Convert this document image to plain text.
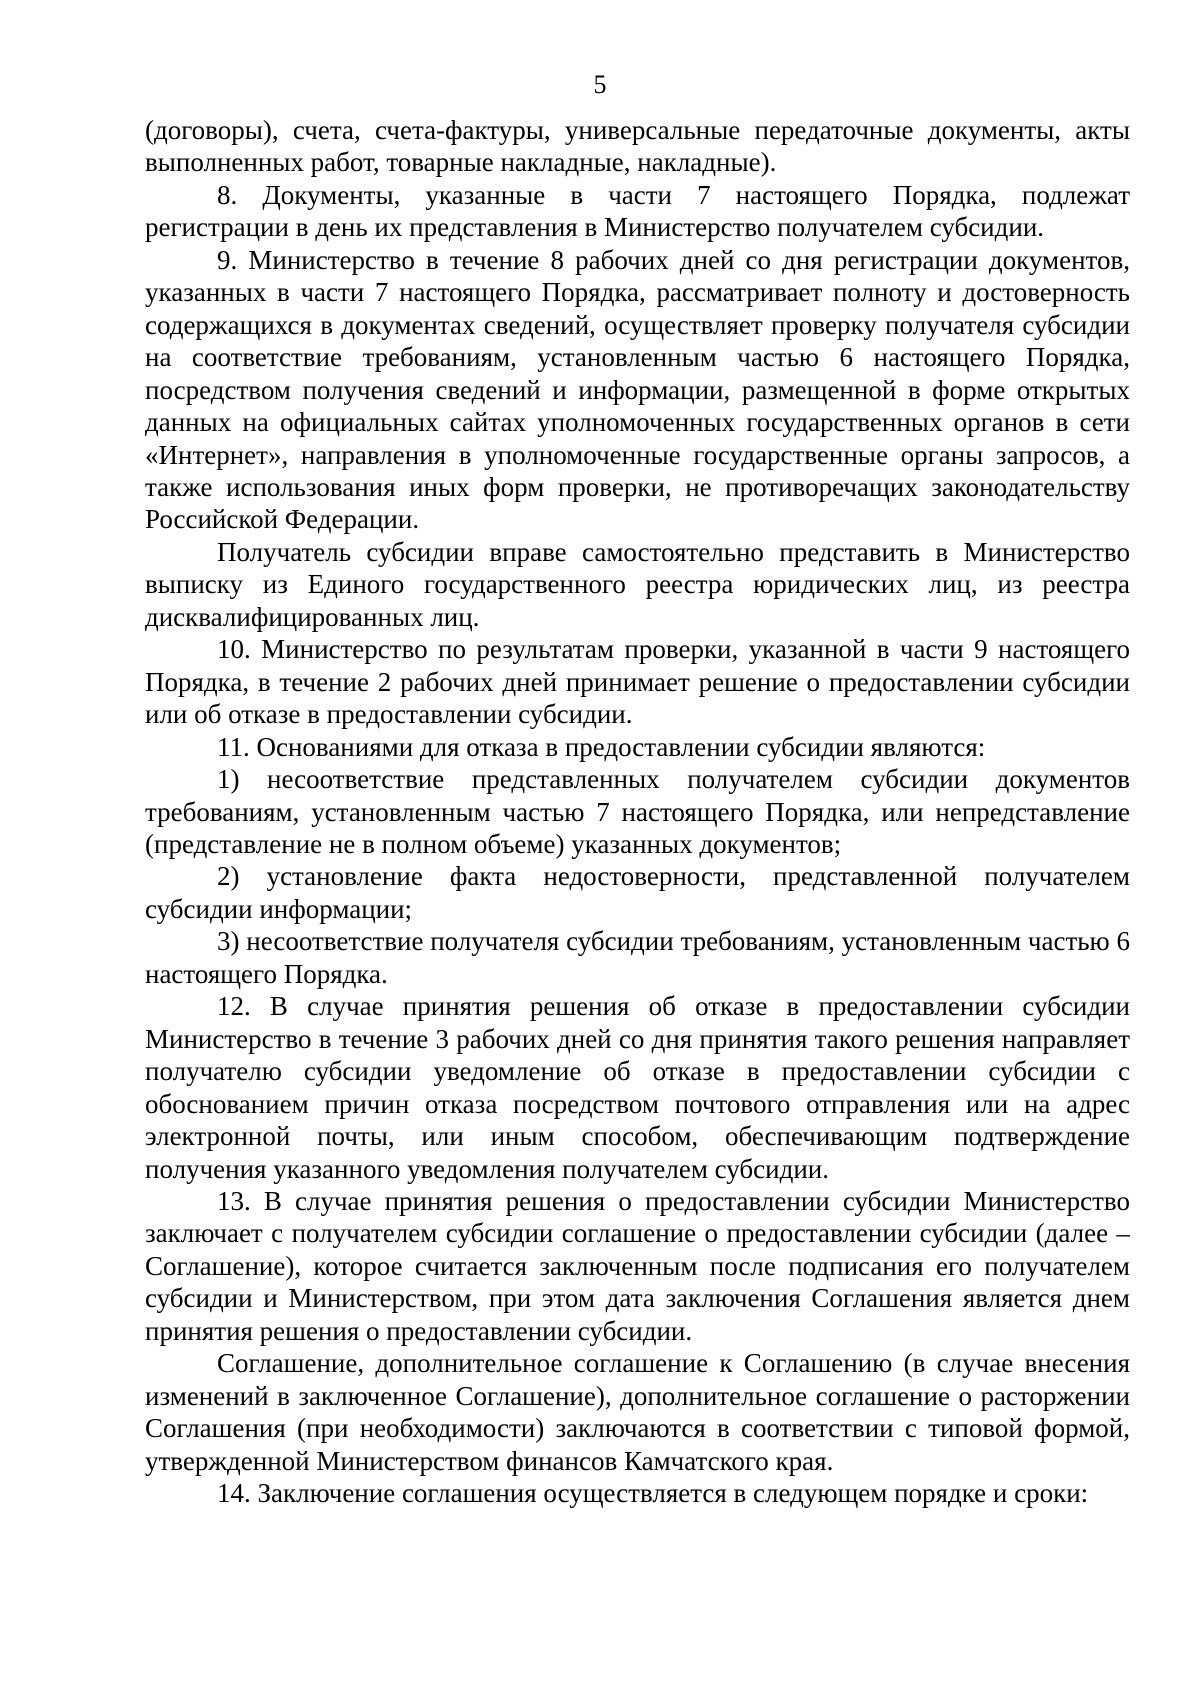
5

(договоры), счета, счета-фактуры, универсальные передаточные документы, акты выполненных работ, товарные накладные, накладные).

8. Документы, указанные в части 7 настоящего Порядка, подлежат регистрации в день их представления в Министерство получателем субсидии.

9. Министерство в течение 8 рабочих дней со дня регистрации документов, указанных в части 7 настоящего Порядка, рассматривает полноту и достоверность содержащихся в документах сведений, осуществляет проверку получателя субсидии на соответствие требованиям, установленным частью 6 настоящего Порядка, посредством получения сведений и информации, размещенной в форме открытых данных на официальных сайтах уполномоченных государственных органов в сети «Интернет», направления в уполномоченные государственные органы запросов, а также использования иных форм проверки, не противоречащих законодательству Российской Федерации.

Получатель субсидии вправе самостоятельно представить в Министерство выписку из Единого государственного реестра юридических лиц, из реестра дисквалифицированных лиц.

10. Министерство по результатам проверки, указанной в части 9 настоящего Порядка, в течение 2 рабочих дней принимает решение о предоставлении субсидии или об отказе в предоставлении субсидии.

11. Основаниями для отказа в предоставлении субсидии являются:

1) несоответствие представленных получателем субсидии документов требованиям, установленным частью 7 настоящего Порядка, или непредставление (представление не в полном объеме) указанных документов;

2) установление факта недостоверности, представленной получателем субсидии информации;

3) несоответствие получателя субсидии требованиям, установленным частью 6 настоящего Порядка.

12. В случае принятия решения об отказе в предоставлении субсидии Министерство в течение 3 рабочих дней со дня принятия такого решения направляет получателю субсидии уведомление об отказе в предоставлении субсидии с обоснованием причин отказа посредством почтового отправления или на адрес электронной почты, или иным способом, обеспечивающим подтверждение получения указанного уведомления получателем субсидии.

13. В случае принятия решения о предоставлении субсидии Министерство заключает с получателем субсидии соглашение о предоставлении субсидии (далее – Соглашение), которое считается заключенным после подписания его получателем субсидии и Министерством, при этом дата заключения Соглашения является днем принятия решения о предоставлении субсидии.

Соглашение, дополнительное соглашение к Соглашению (в случае внесения изменений в заключенное Соглашение), дополнительное соглашение о расторжении Соглашения (при необходимости) заключаются в соответствии с типовой формой, утвержденной Министерством финансов Камчатского края.

14. Заключение соглашения осуществляется в следующем порядке и сроки:
